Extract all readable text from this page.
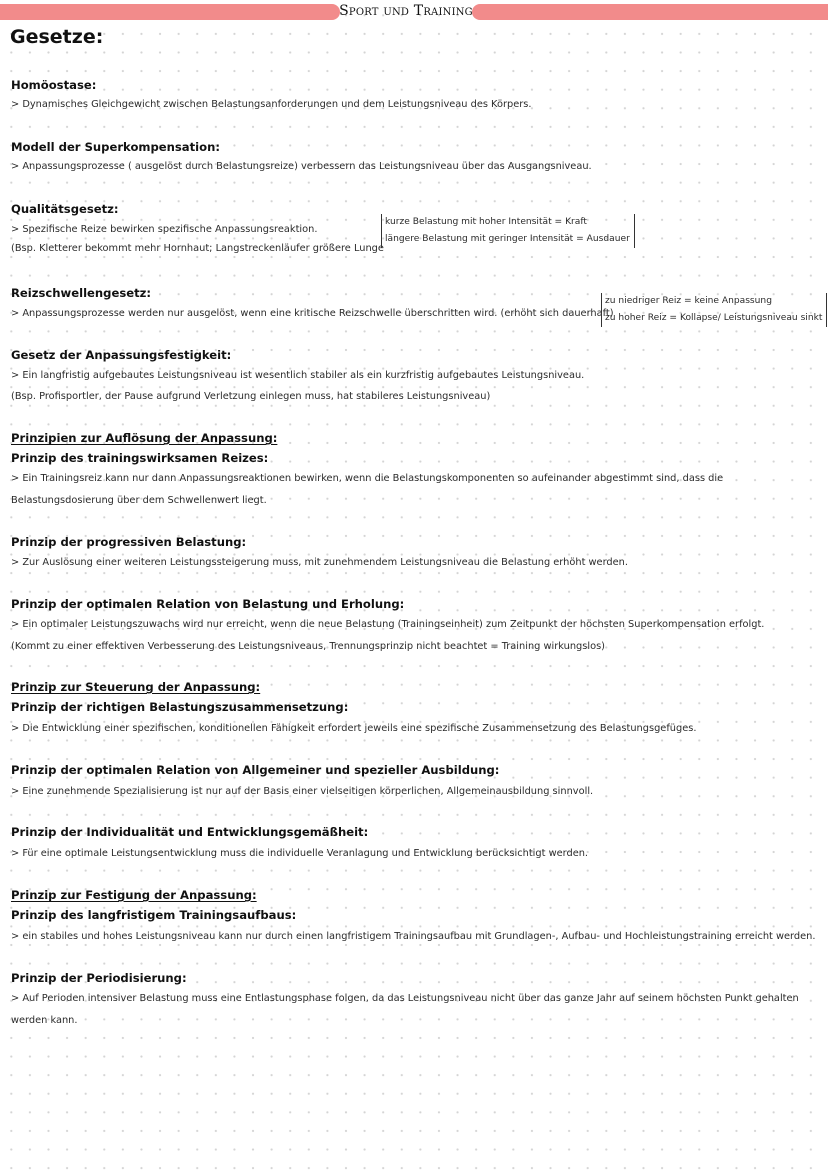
Sport und Training
Gesetze:
Homöostase:
> Dynamisches Gleichgewicht zwischen Belastungsanforderungen und dem Leistungsniveau des Körpers.
Modell der Superkompensation:
> Anpassungsprozesse ( ausgelöst durch Belastungsreize) verbessern das Leistungsniveau über das Ausgangsniveau.
Qualitätsgesetz:
> Spezifische Reize bewirken spezifische Anpassungsreaktion.
(Bsp. Kletterer bekommt mehr Hornhaut; Langstreckenläufer größere Lunge
kurze Belastung mit hoher Intensität = Kraft
längere Belastung mit geringer Intensität = Ausdauer
Reizschwellengesetz:
> Anpassungsprozesse werden nur ausgelöst, wenn eine kritische Reizschwelle überschritten wird. (erhöht sich dauerhaft)
zu niedriger Reiz = keine Anpassung
zu hoher Reiz = Kollapse/ Leistungsniveau sinkt
Gesetz der Anpassungsfestigkeit:
> Ein langfristig aufgebautes Leistungsniveau ist wesentlich stabiler als ein kurzfristig aufgebautes Leistungsniveau.
(Bsp. Profisportler, der Pause aufgrund Verletzung einlegen muss, hat stabileres Leistungsniveau)
Prinzipien zur Auflösung der Anpassung:
Prinzip des trainingswirksamen Reizes:
> Ein Trainingsreiz kann nur dann Anpassungsreaktionen bewirken, wenn die Belastungskomponenten so aufeinander abgestimmt sind, dass die Belastungsdosierung über dem Schwellenwert liegt.
Prinzip der progressiven Belastung:
> Zur Auslösung einer weiteren Leistungssteigerung muss, mit zunehmendem Leistungsniveau die Belastung erhöht werden.
Prinzip der optimalen Relation von Belastung und Erholung:
> Ein optimaler Leistungszuwachs wird nur erreicht, wenn die neue Belastung (Trainingseinheit) zum Zeitpunkt der höchsten Superkompensation erfolgt.
(Kommt zu einer effektiven Verbesserung des Leistungsniveaus, Trennungsprinzip nicht beachtet = Training wirkungslos)
Prinzip zur Steuerung der Anpassung:
Prinzip der richtigen Belastungszusammensetzung:
> Die Entwicklung einer spezifischen, konditionellen Fähigkeit erfordert jeweils eine spezifische Zusammensetzung des Belastungsgefüges.
Prinzip der optimalen Relation von Allgemeiner und spezieller Ausbildung:
> Eine zunehmende Spezialisierung ist nur auf der Basis einer vielseitigen körperlichen, Allgemeinausbildung sinnvoll.
Prinzip der Individualität und Entwicklungsgemäßheit:
> Für eine optimale Leistungsentwicklung muss die individuelle Veranlagung und Entwicklung berücksichtigt werden.
Prinzip zur Festigung der Anpassung:
Prinzip des langfristigem Trainingsaufbaus:
> ein stabiles und hohes Leistungsniveau kann nur durch einen langfristigem Trainingsaufbau mit Grundlagen-, Aufbau- und Hochleistungstraining erreicht werden.
Prinzip der Periodisierung:
> Auf Perioden intensiver Belastung muss eine Entlastungsphase folgen, da das Leistungsniveau nicht über das ganze Jahr auf seinem höchsten Punkt gehalten werden kann.
